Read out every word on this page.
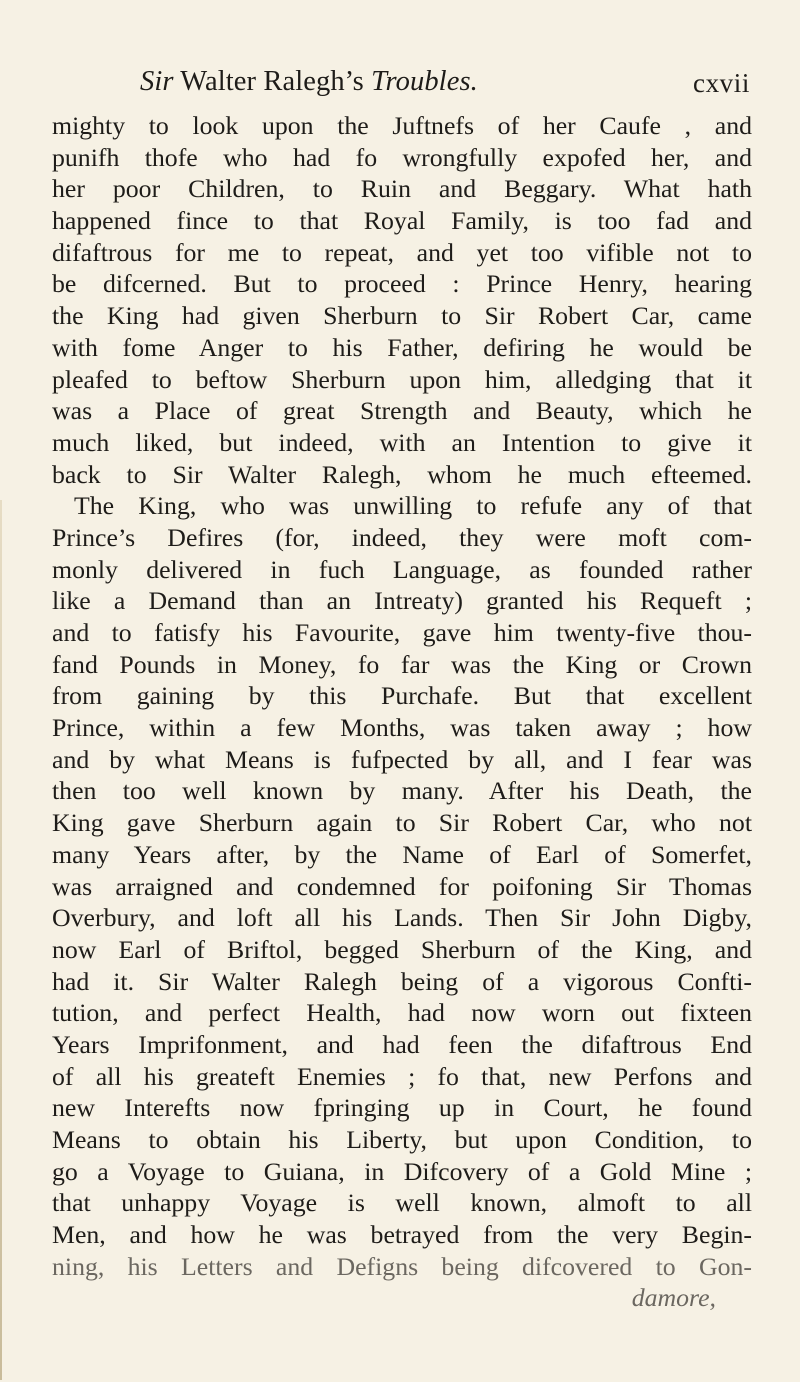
Sir Walter Ralegh’s Troubles.	cxvii
mighty to look upon the Juftnefs of her Caufe , and
punifh thofe who had fo wrongfully expofed her, and
her poor Children, to Ruin and Beggary. What hath
happened fince to that Royal Family, is too fad and
difaftrous for me to repeat, and yet too vifible not to
be difcerned. But to proceed : Prince Henry, hearing
the King had given Sherburn to Sir Robert Car, came
with fome Anger to his Father, defiring he would be
pleafed to beftow Sherburn upon him, alledging that it
was a Place of great Strength and Beauty, which he
much liked, but indeed, with an Intention to give it
back to Sir Walter Ralegh, whom he much efteemed.
The King, who was unwilling to refufe any of that
Prince’s Defires (for, indeed, they were moft com-
monly delivered in fuch Language, as founded rather
like a Demand than an Intreaty) granted his Requeft ;
and to fatisfy his Favourite, gave him twenty-five thou-
fand Pounds in Money, fo far was the King or Crown
from gaining by this Purchafe. But that excellent
Prince, within a few Months, was taken away ; how
and by what Means is fufpected by all, and I fear was
then too well known by many. After his Death, the
King gave Sherburn again to Sir Robert Car, who not
many Years after, by the Name of Earl of Somerfet,
was arraigned and condemned for poifoning Sir Thomas
Overbury, and loft all his Lands. Then Sir John Digby,
now Earl of Briftol, begged Sherburn of the King, and
had it. Sir Walter Ralegh being of a vigorous Confti-
tution, and perfect Health, had now worn out fixteen
Years Imprifonment, and had feen the difaftrous End
of all his greateft Enemies ; fo that, new Perfons and
new Interefts now fpringing up in Court, he found
Means to obtain his Liberty, but upon Condition, to
go a Voyage to Guiana, in Difcovery of a Gold Mine ;
that unhappy Voyage is well known, almoft to all
Men, and how he was betrayed from the very Begin-
ning, his Letters and Defigns being difcovered to Gon-
damore,
